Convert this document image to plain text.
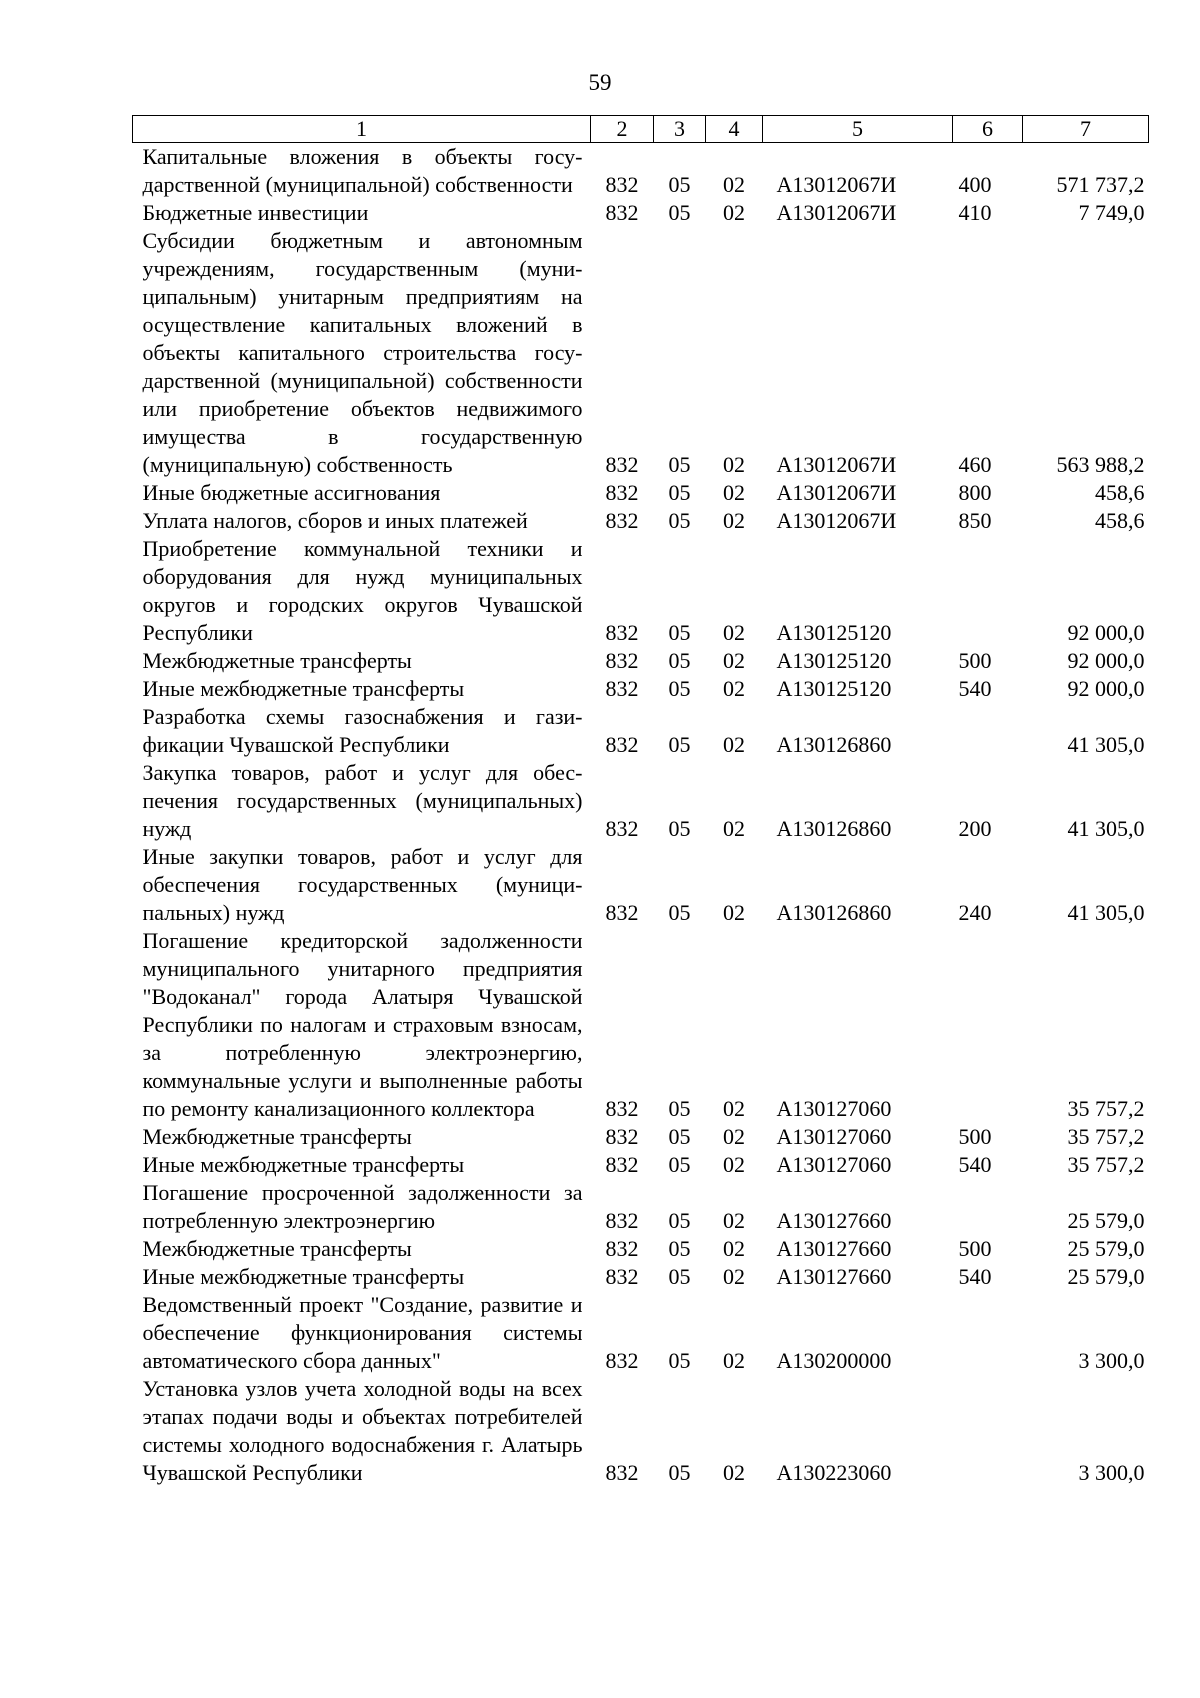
59
1	2	3	4	5	6	7
Капитальные вложения в объекты государственной (муниципальной) собственности	832	05	02	А13012067И	400	571 737,2
Бюджетные инвестиции	832	05	02	А13012067И	410	7 749,0
Субсидии бюджетным и автономным учреждениям, государственным (муниципальным) унитарным предприятиям на осуществление капитальных вложений в объекты капитального строительства государственной (муниципальной) собственности или приобретение объектов недвижимого имущества в государственную (муниципальную) собственность	832	05	02	А13012067И	460	563 988,2
Иные бюджетные ассигнования	832	05	02	А13012067И	800	458,6
Уплата налогов, сборов и иных платежей	832	05	02	А13012067И	850	458,6
Приобретение коммунальной техники и оборудования для нужд муниципальных округов и городских округов Чувашской Республики	832	05	02	А130125120		92 000,0
Межбюджетные трансферты	832	05	02	А130125120	500	92 000,0
Иные межбюджетные трансферты	832	05	02	А130125120	540	92 000,0
Разработка схемы газоснабжения и газификации Чувашской Республики	832	05	02	А130126860		41 305,0
Закупка товаров, работ и услуг для обеспечения государственных (муниципальных) нужд	832	05	02	А130126860	200	41 305,0
Иные закупки товаров, работ и услуг для обеспечения государственных (муниципальных) нужд	832	05	02	А130126860	240	41 305,0
Погашение кредиторской задолженности муниципального унитарного предприятия "Водоканал" города Алатыря Чувашской Республики по налогам и страховым взносам, за потребленную электроэнергию, коммунальные услуги и выполненные работы по ремонту канализационного коллектора	832	05	02	А130127060		35 757,2
Межбюджетные трансферты	832	05	02	А130127060	500	35 757,2
Иные межбюджетные трансферты	832	05	02	А130127060	540	35 757,2
Погашение просроченной задолженности за потребленную электроэнергию	832	05	02	А130127660		25 579,0
Межбюджетные трансферты	832	05	02	А130127660	500	25 579,0
Иные межбюджетные трансферты	832	05	02	А130127660	540	25 579,0
Ведомственный проект "Создание, развитие и обеспечение функционирования системы автоматического сбора данных"	832	05	02	А130200000		3 300,0
Установка узлов учета холодной воды на всех этапах подачи воды и объектах потребителей системы холодного водоснабжения г. Алатырь Чувашской Республики	832	05	02	А130223060		3 300,0
